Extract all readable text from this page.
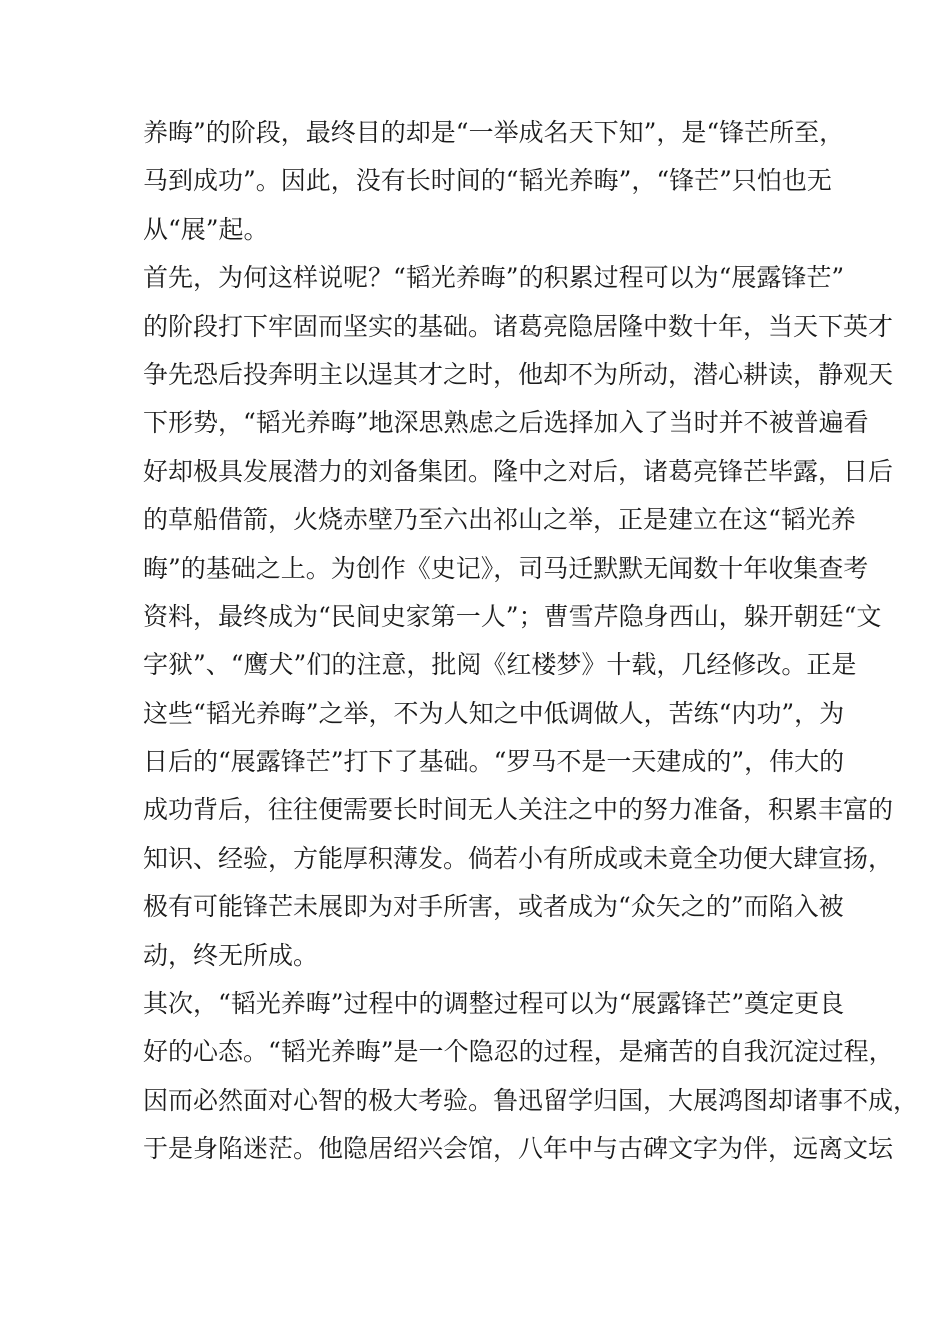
养晦”的阶段，最终目的却是“一举成名天下知”，是“锋芒所至，
马到成功”。因此，没有长时间的“韬光养晦”，“锋芒”只怕也无
从“展”起。
首先，为何这样说呢？“韬光养晦”的积累过程可以为“展露锋芒”
的阶段打下牢固而坚实的基础。诸葛亮隐居隆中数十年，当天下英才
争先恐后投奔明主以逞其才之时，他却不为所动，潜心耕读，静观天
下形势，“韬光养晦”地深思熟虑之后选择加入了当时并不被普遍看
好却极具发展潜力的刘备集团。隆中之对后，诸葛亮锋芒毕露，日后
的草船借箭，火烧赤壁乃至六出祁山之举，正是建立在这“韬光养
晦”的基础之上。为创作《史记》，司马迁默默无闻数十年收集查考
资料，最终成为“民间史家第一人”；曹雪芹隐身西山，躲开朝廷“文
字狱”、“鹰犬”们的注意，批阅《红楼梦》十载，几经修改。正是
这些“韬光养晦”之举，不为人知之中低调做人，苦练“内功”，为
日后的“展露锋芒”打下了基础。“罗马不是一天建成的”，伟大的
成功背后，往往便需要长时间无人关注之中的努力准备，积累丰富的
知识、经验，方能厚积薄发。倘若小有所成或未竟全功便大肆宣扬，
极有可能锋芒未展即为对手所害，或者成为“众矢之的”而陷入被
动，终无所成。
其次，“韬光养晦”过程中的调整过程可以为“展露锋芒”奠定更良
好的心态。“韬光养晦”是一个隐忍的过程，是痛苦的自我沉淀过程，
因而必然面对心智的极大考验。鲁迅留学归国，大展鸿图却诸事不成，
于是身陷迷茫。他隐居绍兴会馆，八年中与古碑文字为伴，远离文坛
